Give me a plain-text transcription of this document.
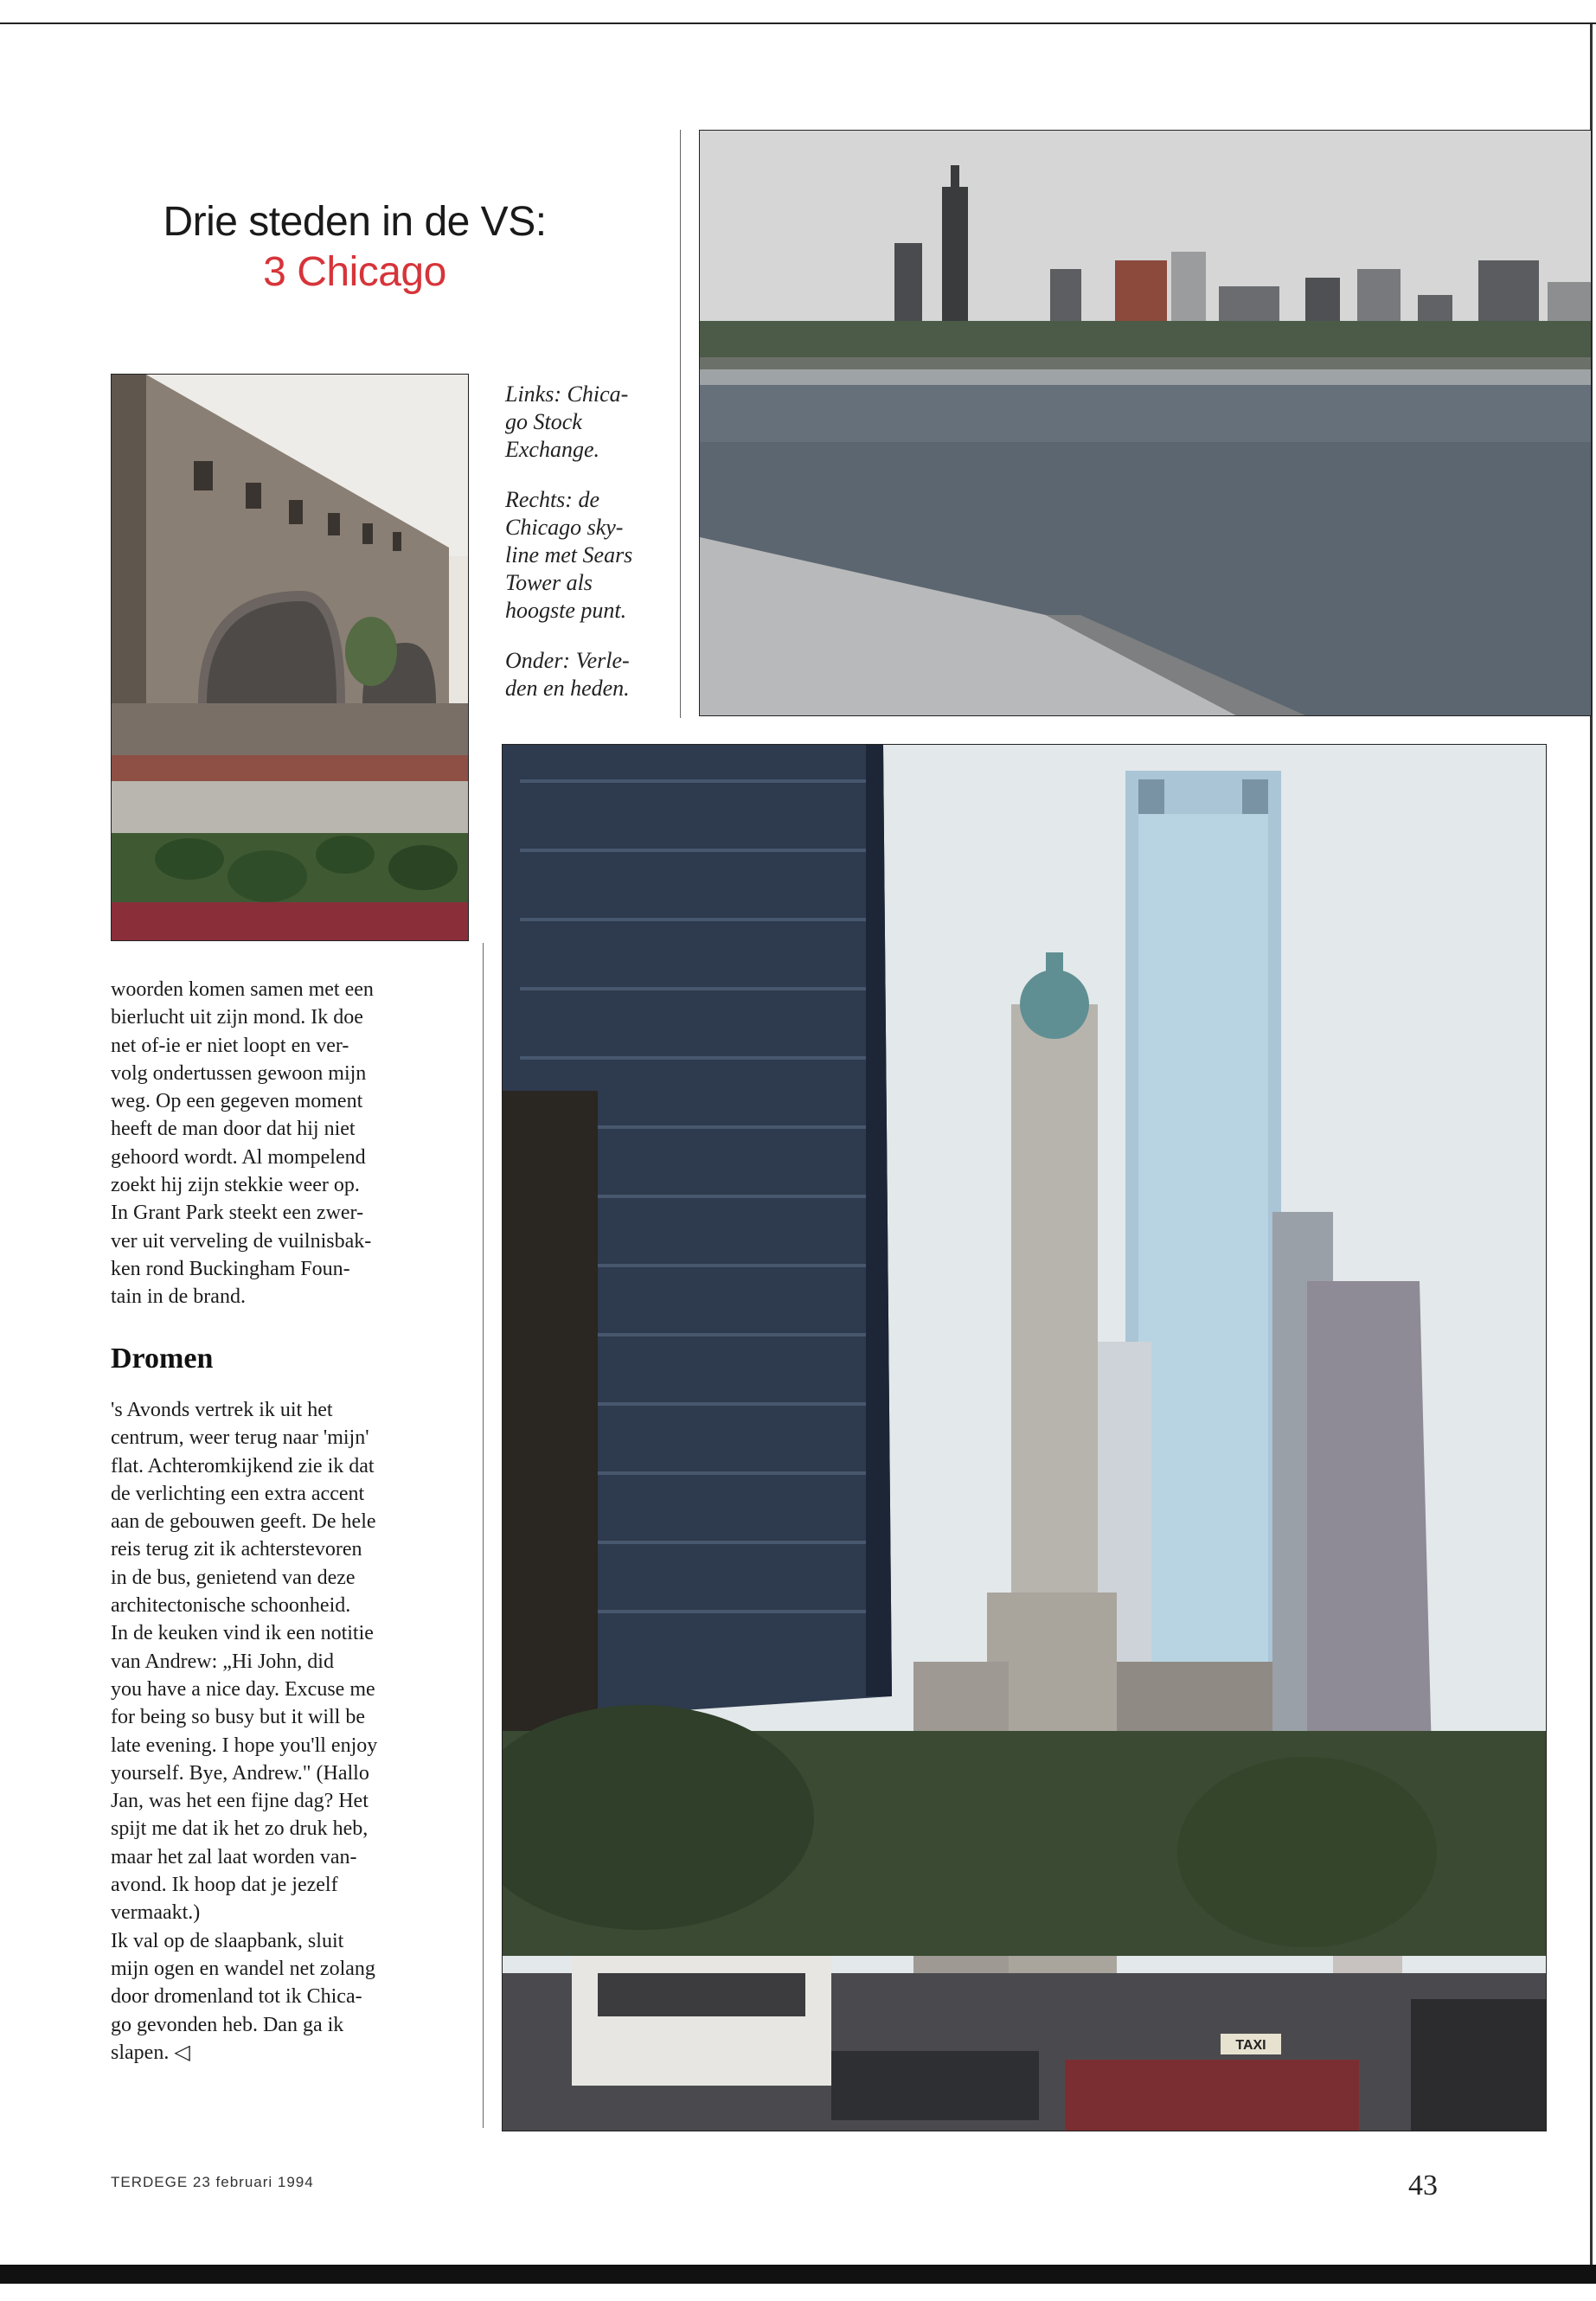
Drie steden in de VS:
3 Chicago

Links: Chica-
go Stock
Exchange.

Rechts: de
Chicago sky-
line met Sears
Tower als
hoogste punt.

Onder: Verle-
den en heden.

TAXI

woorden komen samen met een
bierlucht uit zijn mond. Ik doe
net of-ie er niet loopt en ver-
volg ondertussen gewoon mijn
weg. Op een gegeven moment
heeft de man door dat hij niet
gehoord wordt. Al mompelend
zoekt hij zijn stekkie weer op.
In Grant Park steekt een zwer-
ver uit verveling de vuilnisbak-
ken rond Buckingham Foun-
tain in de brand.

Dromen

's Avonds vertrek ik uit het
centrum, weer terug naar 'mijn'
flat. Achteromkijkend zie ik dat
de verlichting een extra accent
aan de gebouwen geeft. De hele
reis terug zit ik achterstevoren
in de bus, genietend van deze
architectonische schoonheid.
In de keuken vind ik een notitie
van Andrew: „Hi John, did
you have a nice day. Excuse me
for being so busy but it will be
late evening. I hope you'll enjoy
yourself. Bye, Andrew." (Hallo
Jan, was het een fijne dag? Het
spijt me dat ik het zo druk heb,
maar het zal laat worden van-
avond. Ik hoop dat je jezelf
vermaakt.)
Ik val op de slaapbank, sluit
mijn ogen en wandel net zolang
door dromenland tot ik Chica-
go gevonden heb. Dan ga ik
slapen. ◁

TERDEGE 23 februari 1994	43
